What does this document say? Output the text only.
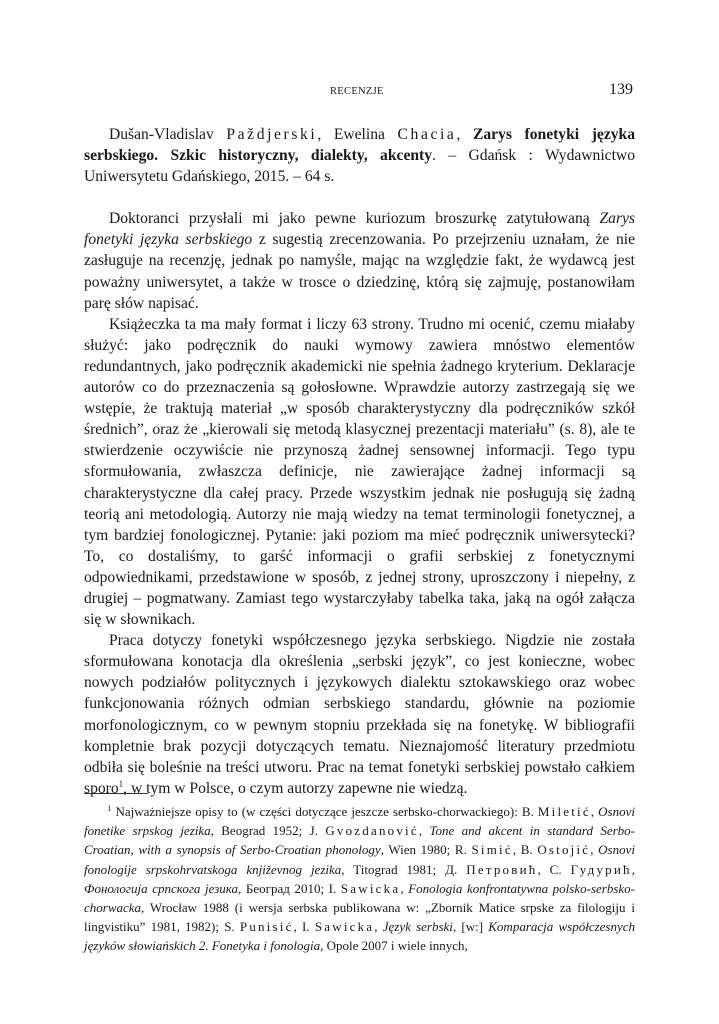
RECENZJE	139

Dušan-Vladislav Paždjerski, Ewelina Chacia, Zarys fonetyki języka serbskiego. Szkic historyczny, dialekty, akcenty. – Gdańsk : Wydawnictwo Uniwersytetu Gdańskiego, 2015. – 64 s.

Doktoranci przysłali mi jako pewne kuriozum broszurkę zatytułowaną Zarys fonetyki języka serbskiego z sugestią zrecenzowania. Po przejrzeniu uznałam, że nie zasługuje na recenzję, jednak po namyśle, mając na względzie fakt, że wydawcą jest poważny uniwersytet, a także w trosce o dziedzinę, którą się zajmuję, postanowiłam parę słów napisać.

Książeczka ta ma mały format i liczy 63 strony. Trudno mi ocenić, czemu miałaby służyć: jako podręcznik do nauki wymowy zawiera mnóstwo elementów redundantnych, jako podręcznik akademicki nie spełnia żadnego kryterium. Deklaracje autorów co do przeznaczenia są gołosłowne. Wprawdzie autorzy zastrzegają się we wstępie, że traktują materiał „w sposób charakterystyczny dla podręczników szkół średnich”, oraz że „kierowali się metodą klasycznej prezentacji materiału” (s. 8), ale te stwierdzenie oczywiście nie przynoszą żadnej sensownej informacji. Tego typu sformułowania, zwłaszcza definicje, nie zawierające żadnej informacji są charakterystyczne dla całej pracy. Przede wszystkim jednak nie posługują się żadną teorią ani metodologią. Autorzy nie mają wiedzy na temat terminologii fonetycznej, a tym bardziej fonologicznej. Pytanie: jaki poziom ma mieć podręcznik uniwersytecki? To, co dostaliśmy, to garść informacji o grafii serbskiej z fonetycznymi odpowiednikami, przedstawione w sposób, z jednej strony, uproszczony i niepełny, z drugiej – pogmatwany. Zamiast tego wystarczyłaby tabelka taka, jaką na ogół załącza się w słownikach.

Praca dotyczy fonetyki współczesnego języka serbskiego. Nigdzie nie została sformułowana konotacja dla określenia „serbski język”, co jest konieczne, wobec nowych podziałów politycznych i językowych dialektu sztokawskiego oraz wobec funkcjonowania różnych odmian serbskiego standardu, głównie na poziomie morfonologicznym, co w pewnym stopniu przekłada się na fonetykę. W bibliografii kompletnie brak pozycji dotyczących tematu. Nieznajomość literatury przedmiotu odbiła się boleśnie na treści utworu. Prac na temat fonetyki serbskiej powstało całkiem sporo$^1$, w tym w Polsce, o czym autorzy zapewne nie wiedzą.

$^1$ Najważniejsze opisy to (w części dotyczące jeszcze serbsko-chorwackiego): B. Miletić, Osnovi fonetike srpskog jezika, Beograd 1952; J. Gvozdanović, Tone and akcent in standard Serbo-Croatian, with a synopsis of Serbo-Croatian phonology, Wien 1980; R. Simić, B. Ostojić, Osnovi fonologije srpskohrvatskoga književnog jezika, Titograd 1981; Д. Петровић, С. Гудурић, Фонологија српскога језика, Београд 2010; I. Sawicka, Fonologia konfrontatywna polsko-serbsko-chorwacka, Wrocław 1988 (i wersja serbska publikowana w: „Zbornik Matice srpske za filologiju i lingvistiku” 1981, 1982); S. Punisić, I. Sawicka, Język serbski, [w:] Komparacja współczesnych języków słowiańskich 2. Fonetyka i fonologia, Opole 2007 i wiele innych,
